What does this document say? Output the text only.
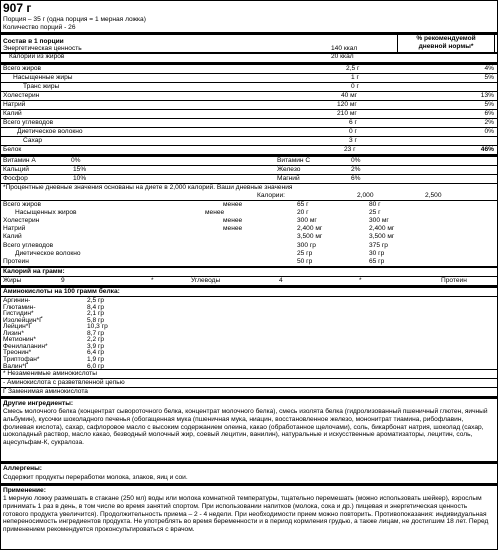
907 г
Порция – 35 г (одна порция = 1 мерная ложка)
Количество порций - 26
Состав в 1 порции	% рекомендуемой
дневной нормы*
Энергетическая ценность	140 ккал
Калории из жиров	20 ккал
Всего жиров	2,5 г	4%
Насыщенные жиры	1 г	5%
Транс жиры	0 г
Холестерин	40 мг	13%
Натрий	120 мг	5%
Калий	210 мг	6%
Всего углеводов	6 г	2%
Диетическое волокно	0 г	0%
Сахар	3 г
Белок	23 г	46%
Витамин А	0%	Витамин С	0%
Кальций	15%	Железо	2%
Фосфор	10%	Магний	6%
*Процентные дневные значения основаны на диете в 2,000 калорий. Ваши дневные значения
Калории:	2,000	2,500
Всего жиров	менее	65 г	80 г
Насыщенных жиров	менее	20 г	25 г
Холестерин	менее	300 мг	300 мг
Натрий	менее	2,400 мг	2,400 мг
Калий	3,500 мг	3,500 мг
Всего углеводов	300 гр	375 гр
Диетическое волокно	25 гр	30 гр
Протеин	50 гр	65 гр
Калорий на грамм:
Жиры	9	*	Углеводы	4	*	Протеин
Аминокислоты на 100 грамм белка:
Аргинин-	2,5 гр
Глютамин-	8,4 гр
Гистидин*	2,1 гр
Изолейцин*Ґ	5,8 гр
Лейцин*Ґ	10,3 гр
Лизин*	8,7 гр
Метионин*	2,2 гр
Фенилаланин*	3,9 гр
Треонин*	6,4 гр
Триптофан*	1,9 гр
Валин*Ґ	6,0 гр
* Незаменимые аминокислоты
- Аминокислота с разветвленной цепью
Ґ Заменимая аминокислота
Другие ингредиенты:
Смесь молочного белка (концентрат сывороточного белка, концентрат молочного белка), смесь изолята белка (гидролизованный пшеничный глютен, яичный альбумин), кусочки шоколадного печенья (обогащенная мука (пшеничная мука, ниацин, восстановленное железо, мононитрат тиамина, рибофлавин, фолиевая кислота), сахар, сафлоровое масло с высоким содержанием олеина, какао (обработанное щелочами), соль, бикарбонат натрия, шоколад (сахар, шоколадный раствор, масло какао, безводный молочный жир, соевый лецитин, ванилин), натуральные и искусственные ароматизаторы, лецитин, соль, ацесульфам-К, сукралоза.
Аллергены:
Содержит продукты переработки молока, злаков, яиц и сои.
Применение:
1 мерную ложку размешать в стакане (250 мл) воды или молока комнатной температуры, тщательно перемешать (можно использовать шейкер), взрослым принимать 1 раз в день, в том числе во время занятий спортом. При использовании напитков (молока, сока и др.) пищевая и энергетическая ценность готового продукта увеличится). Продолжительность приема – 2 - 4 недели. При необходимости прием можно повторить. Противопоказания: индивидуальная непереносимость ингредиентов продукта. Не употреблять во время беременности и в период кормления грудью, а также лицам, не достигшим 18 лет. Перед применением рекомендуется проконсультироваться с врачом.
